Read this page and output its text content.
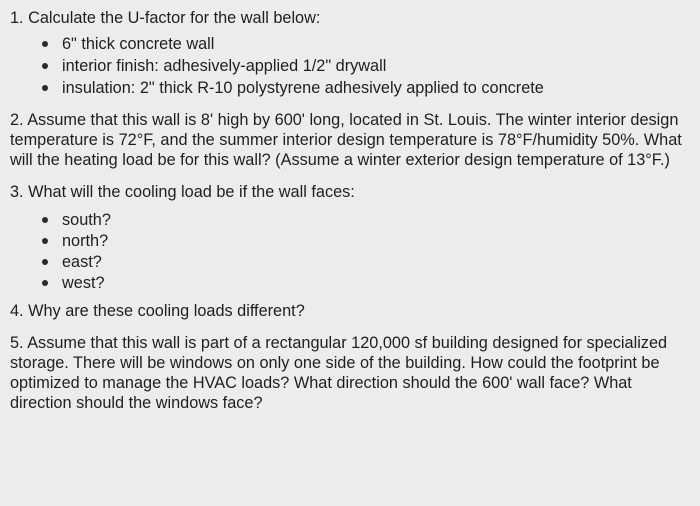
1. Calculate the U-factor for the wall below:

6" thick concrete wall
interior finish: adhesively-applied 1/2" drywall
insulation: 2" thick R-10 polystyrene adhesively applied to concrete

2. Assume that this wall is 8' high by 600' long, located in St. Louis. The winter interior design temperature is 72°F, and the summer interior design temperature is 78°F/humidity 50%. What will the heating load be for this wall? (Assume a winter exterior design temperature of 13°F.)

3. What will the cooling load be if the wall faces:

south?
north?
east?
west?

4. Why are these cooling loads different?

5. Assume that this wall is part of a rectangular 120,000 sf building designed for specialized storage. There will be windows on only one side of the building. How could the footprint be optimized to manage the HVAC loads? What direction should the 600' wall face? What direction should the windows face?
